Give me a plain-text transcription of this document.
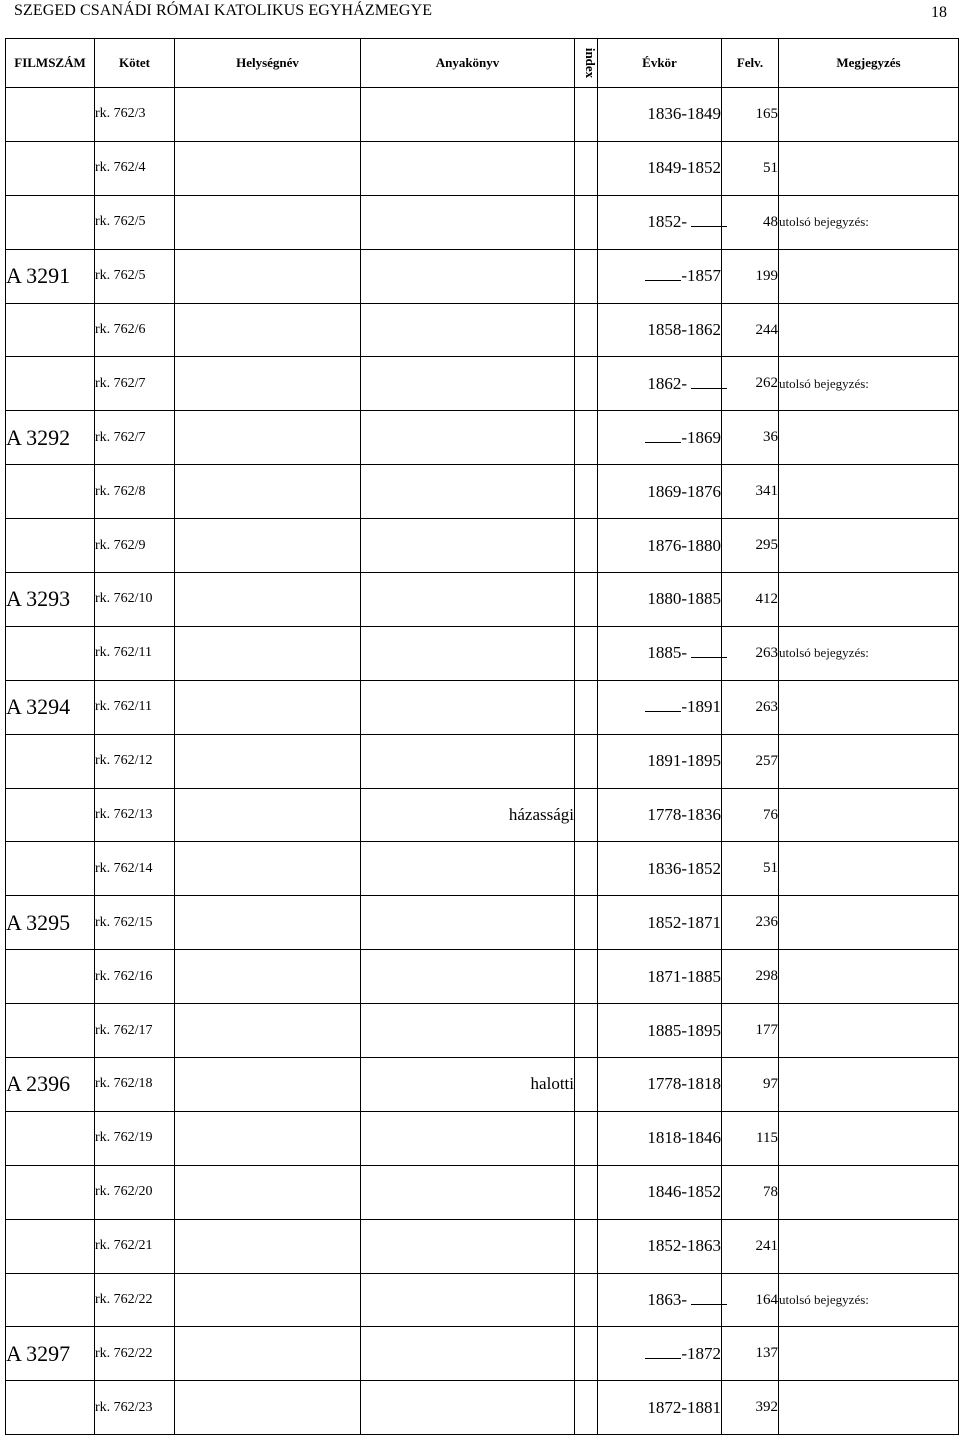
SZEGED CSANÁDI RÓMAI KATOLIKUS EGYHÁZMEGYE	18
FILMSZÁM	Kötet	Helységnév	Anyakönyv	index	Évkör	Felv.	Megjegyzés
	rk. 762/3				1836-1849	165	
	rk. 762/4				1849-1852	51	
	rk. 762/5				1852-	48	utolsó bejegyzés:
A 3291	rk. 762/5				-1857	199	
	rk. 762/6				1858-1862	244	
	rk. 762/7				1862-	262	utolsó bejegyzés:
A 3292	rk. 762/7				-1869	36	
	rk. 762/8				1869-1876	341	
	rk. 762/9				1876-1880	295	
A 3293	rk. 762/10				1880-1885	412	
	rk. 762/11				1885-	263	utolsó bejegyzés:
A 3294	rk. 762/11				-1891	263	
	rk. 762/12				1891-1895	257	
	rk. 762/13		házassági		1778-1836	76	
	rk. 762/14				1836-1852	51	
A 3295	rk. 762/15				1852-1871	236	
	rk. 762/16				1871-1885	298	
	rk. 762/17				1885-1895	177	
A 2396	rk. 762/18		halotti		1778-1818	97	
	rk. 762/19				1818-1846	115	
	rk. 762/20				1846-1852	78	
	rk. 762/21				1852-1863	241	
	rk. 762/22				1863-	164	utolsó bejegyzés:
A 3297	rk. 762/22				-1872	137	
	rk. 762/23				1872-1881	392	
